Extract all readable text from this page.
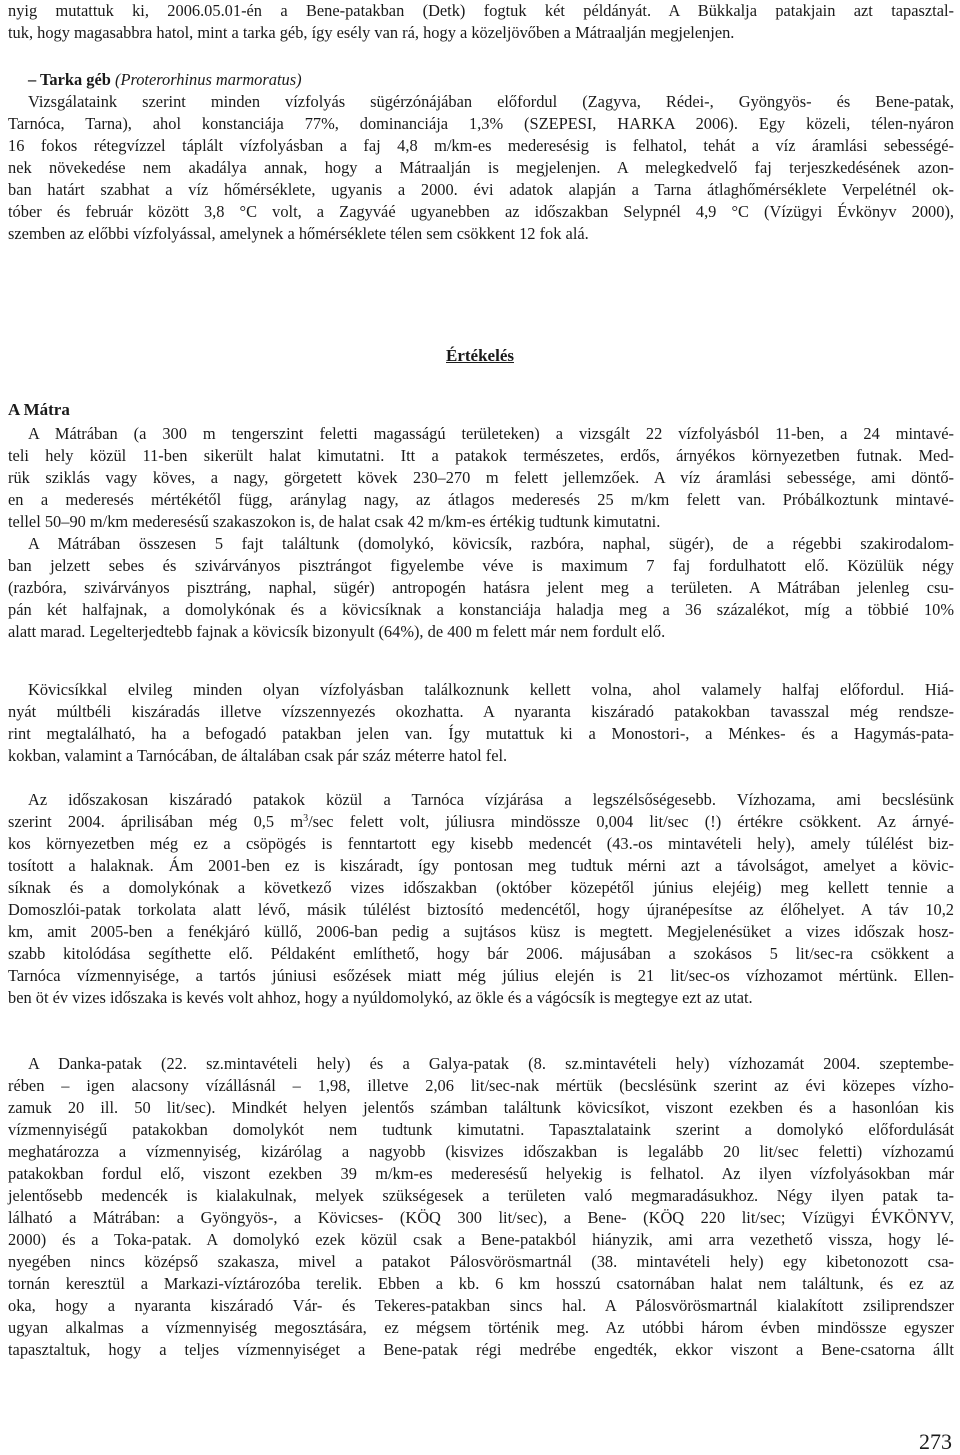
nyig mutattuk ki, 2006.05.01-én a Bene-patakban (Detk) fogtuk két példányát. A Bükkalja patakjain azt tapasztal-
tuk, hogy magasabbra hatol, mint a tarka géb, így esély van rá, hogy a közeljövőben a Mátraalján megjelenjen.
– Tarka géb (Proterorhinus marmoratus)
Vizsgálataink szerint minden vízfolyás sügérzónájában előfordul (Zagyva, Rédei-, Gyöngyös- és Bene-patak,
Tarnóca, Tarna), ahol konstanciája 77%, dominanciája 1,3% (SZEPESI, HARKA 2006). Egy közeli, télen-nyáron
16 fokos rétegvízzel táplált vízfolyásban a faj 4,8 m/km-es mederesésig is felhatol, tehát a víz áramlási sebességé-
nek növekedése nem akadálya annak, hogy a Mátraalján is megjelenjen. A melegkedvelő faj terjeszkedésének azon-
ban határt szabhat a víz hőmérséklete, ugyanis a 2000. évi adatok alapján a Tarna átlaghőmérséklete Verpelétnél ok-
tóber és február között 3,8 °C volt, a Zagyváé ugyanebben az időszakban Selypnél 4,9 °C (Vízügyi Évkönyv 2000),
szemben az előbbi vízfolyással, amelynek a hőmérséklete télen sem csökkent 12 fok alá.
Értékelés
A Mátra
A Mátrában (a 300 m tengerszint feletti magasságú területeken) a vizsgált 22 vízfolyásból 11-ben, a 24 mintavé-
teli hely közül 11-ben sikerült halat kimutatni. Itt a patakok természetes, erdős, árnyékos környezetben futnak. Med-
rük sziklás vagy köves, a nagy, görgetett kövek 230–270 m felett jellemzőek. A víz áramlási sebessége, ami döntő-
en a mederesés mértékétől függ, aránylag nagy, az átlagos mederesés 25 m/km felett van. Próbálkoztunk mintavé-
tellel 50–90 m/km mederesésű szakaszokon is, de halat csak 42 m/km-es értékig tudtunk kimutatni.
A Mátrában összesen 5 fajt találtunk (domolykó, kövicsík, razbóra, naphal, sügér), de a régebbi szakirodalom-
ban jelzett sebes és szivárványos pisztrángot figyelembe véve is maximum 7 faj fordulhatott elő. Közülük négy
(razbóra, szivárványos pisztráng, naphal, sügér) antropogén hatásra jelent meg a területen. A Mátrában jelenleg csu-
pán két halfajnak, a domolykónak és a kövicsíknak a konstanciája haladja meg a 36 százalékot, míg a többié 10%
alatt marad. Legelterjedtebb fajnak a kövicsík bizonyult (64%), de 400 m felett már nem fordult elő.
Kövicsíkkal elvileg minden olyan vízfolyásban találkoznunk kellett volna, ahol valamely halfaj előfordul. Hiá-
nyát múltbéli kiszáradás illetve vízszennyezés okozhatta. A nyaranta kiszáradó patakokban tavasszal még rendsze-
rint megtalálható, ha a befogadó patakban jelen van. Így mutattuk ki a Monostori-, a Ménkes- és a Hagymás-pata-
kokban, valamint a Tarnócában, de általában csak pár száz méterre hatol fel.
Az időszakosan kiszáradó patakok közül a Tarnóca vízjárása a legszélsőségesebb. Vízhozama, ami becslésünk
szerint 2004. áprilisában még 0,5 $m^3/\sec$ felett volt, júliusra mindössze 0,004 lit/sec (!) értékre csökkent. Az árnyé-
kos környezetben még ez a csöpögés is fenntartott egy kisebb medencét (43.-os mintavételi hely), amely túlélést biz-
tosított a halaknak. Ám 2001-ben ez is kiszáradt, így pontosan meg tudtuk mérni azt a távolságot, amelyet a kövic-
síknak és a domolykónak a következő vizes időszakban (október közepétől június elejéig) meg kellett tennie a
Domoszlói-patak torkolata alatt lévő, másik túlélést biztosító medencétől, hogy újranépesítse az élőhelyet. A táv 10,2
km, amit 2005-ben a fenékjáró küllő, 2006-ban pedig a sujtásos küsz is megtett. Megjelenésüket a vizes időszak hosz-
szabb kitolódása segíthette elő. Példaként említhető, hogy bár 2006. májusában a szokásos 5 lit/sec-ra csökkent a
Tarnóca vízmennyisége, a tartós júniusi esőzések miatt még július elején is 21 lit/sec-os vízhozamot mértünk. Ellen-
ben öt év vizes időszaka is kevés volt ahhoz, hogy a nyúldomolykó, az ökle és a vágócsík is megtegye ezt az utat.
A Danka-patak (22. sz.mintavételi hely) és a Galya-patak (8. sz.mintavételi hely) vízhozamát 2004. szeptembe-
rében – igen alacsony vízállásnál – 1,98, illetve 2,06 lit/sec-nak mértük (becslésünk szerint az évi közepes vízho-
zamuk 20 ill. 50 lit/sec). Mindkét helyen jelentős számban találtunk kövicsíkot, viszont ezekben és a hasonlóan kis
vízmennyiségű patakokban domolykót nem tudtunk kimutatni. Tapasztalataink szerint a domolykó előfordulását
meghatározza a vízmennyiség, kizárólag a nagyobb (kisvizes időszakban is legalább 20 lit/sec feletti) vízhozamú
patakokban fordul elő, viszont ezekben 39 m/km-es mederesésű helyekig is felhatol. Az ilyen vízfolyásokban már
jelentősebb medencék is kialakulnak, melyek szükségesek a területen való megmaradásukhoz. Négy ilyen patak ta-
lálható a Mátrában: a Gyöngyös-, a Kövicses- (KÖQ 300 lit/sec), a Bene- (KÖQ 220 lit/sec; Vízügyi ÉVKÖNYV,
2000) és a Toka-patak. A domolykó ezek közül csak a Bene-patakból hiányzik, ami arra vezethető vissza, hogy lé-
nyegében nincs középső szakasza, mivel a patakot Pálosvörösmartnál (38. mintavételi hely) egy kibetonozott csa-
tornán keresztül a Markazi-víztározóba terelik. Ebben a kb. 6 km hosszú csatornában halat nem találtunk, és ez az
oka, hogy a nyaranta kiszáradó Vár- és Tekeres-patakban sincs hal. A Pálosvörösmartnál kialakított zsiliprendszer
ugyan alkalmas a vízmennyiség megosztására, ez mégsem történik meg. Az utóbbi három évben mindössze egyszer
tapasztaltuk, hogy a teljes vízmennyiséget a Bene-patak régi medrébe engedték, ekkor viszont a Bene-csatorna állt
273
